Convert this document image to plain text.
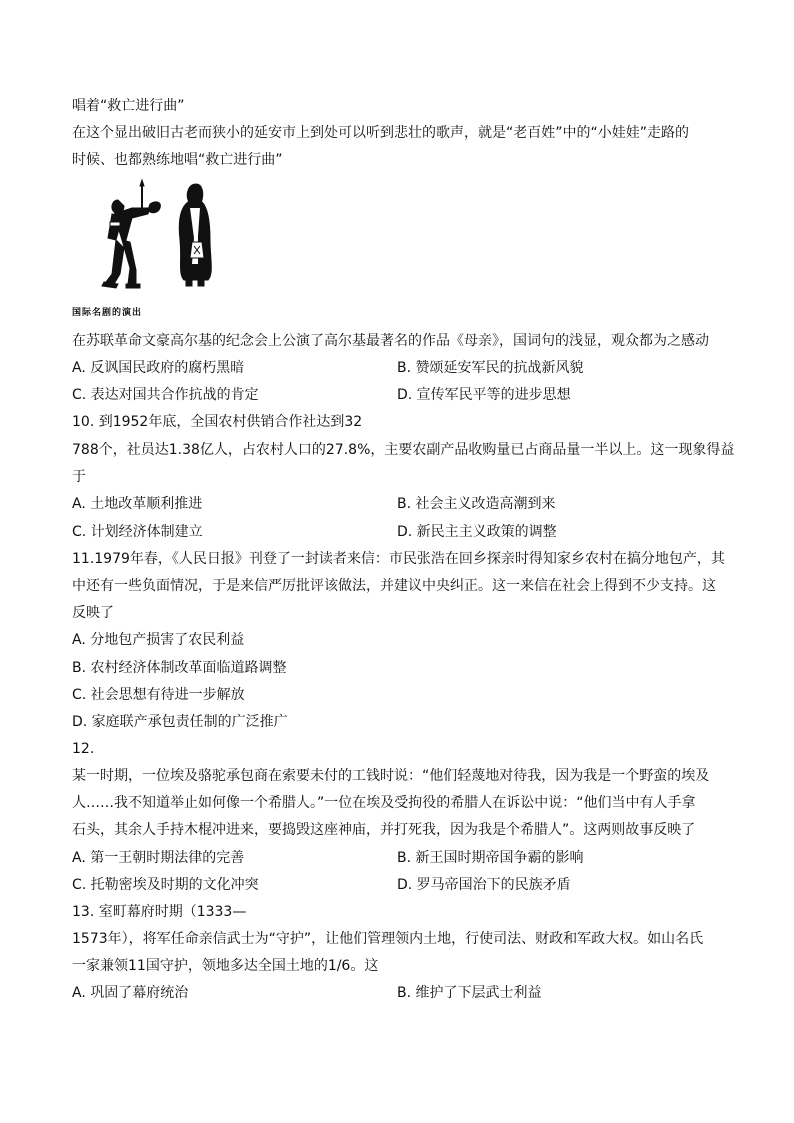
唱着“救亡进行曲”
在这个显出破旧古老而狭小的延安市上到处可以听到悲壮的歌声，就是“老百姓”中的“小娃娃”走路的
时候、也都熟练地唱“救亡进行曲”
国际名剧的演出
在苏联革命文豪高尔基的纪念会上公演了高尔基最著名的作品《母亲》，国词句的浅显，观众都为之感动
A. 反讽国民政府的腐朽黑暗	B. 赞颂延安军民的抗战新风貌
C. 表达对国共合作抗战的肯定	D. 宣传军民平等的进步思想
10. 到1952年底，全国农村供销合作社达到32
788个，社员达1.38亿人，占农村人口的27.8%，主要农副产品收购量已占商品量一半以上。这一现象得益
于
A. 土地改革顺利推进	B. 社会主义改造高潮到来
C. 计划经济体制建立	D. 新民主主义政策的调整
11.1979年春，《人民日报》刊登了一封读者来信：市民张浩在回乡探亲时得知家乡农村在搞分地包产，其
中还有一些负面情况，于是来信严厉批评该做法，并建议中央纠正。这一来信在社会上得到不少支持。这
反映了
A. 分地包产损害了农民利益
B. 农村经济体制改革面临道路调整
C. 社会思想有待进一步解放
D. 家庭联产承包责任制的广泛推广
12.
某一时期，一位埃及骆驼承包商在索要未付的工钱时说：“他们轻蔑地对待我，因为我是一个野蛮的埃及
人……我不知道举止如何像一个希腊人。”一位在埃及受拘役的希腊人在诉讼中说：“他们当中有人手拿
石头，其余人手持木棍冲进来，要捣毁这座神庙，并打死我，因为我是个希腊人”。这两则故事反映了
A. 第一王朝时期法律的完善	B. 新王国时期帝国争霸的影响
C. 托勒密埃及时期的文化冲突	D. 罗马帝国治下的民族矛盾
13. 室町幕府时期（1333—
1573年），将军任命亲信武士为“守护”，让他们管理领内土地，行使司法、财政和军政大权。如山名氏
一家兼领11国守护，领地多达全国土地的1/6。这
A. 巩固了幕府统治	B. 维护了下层武士利益
